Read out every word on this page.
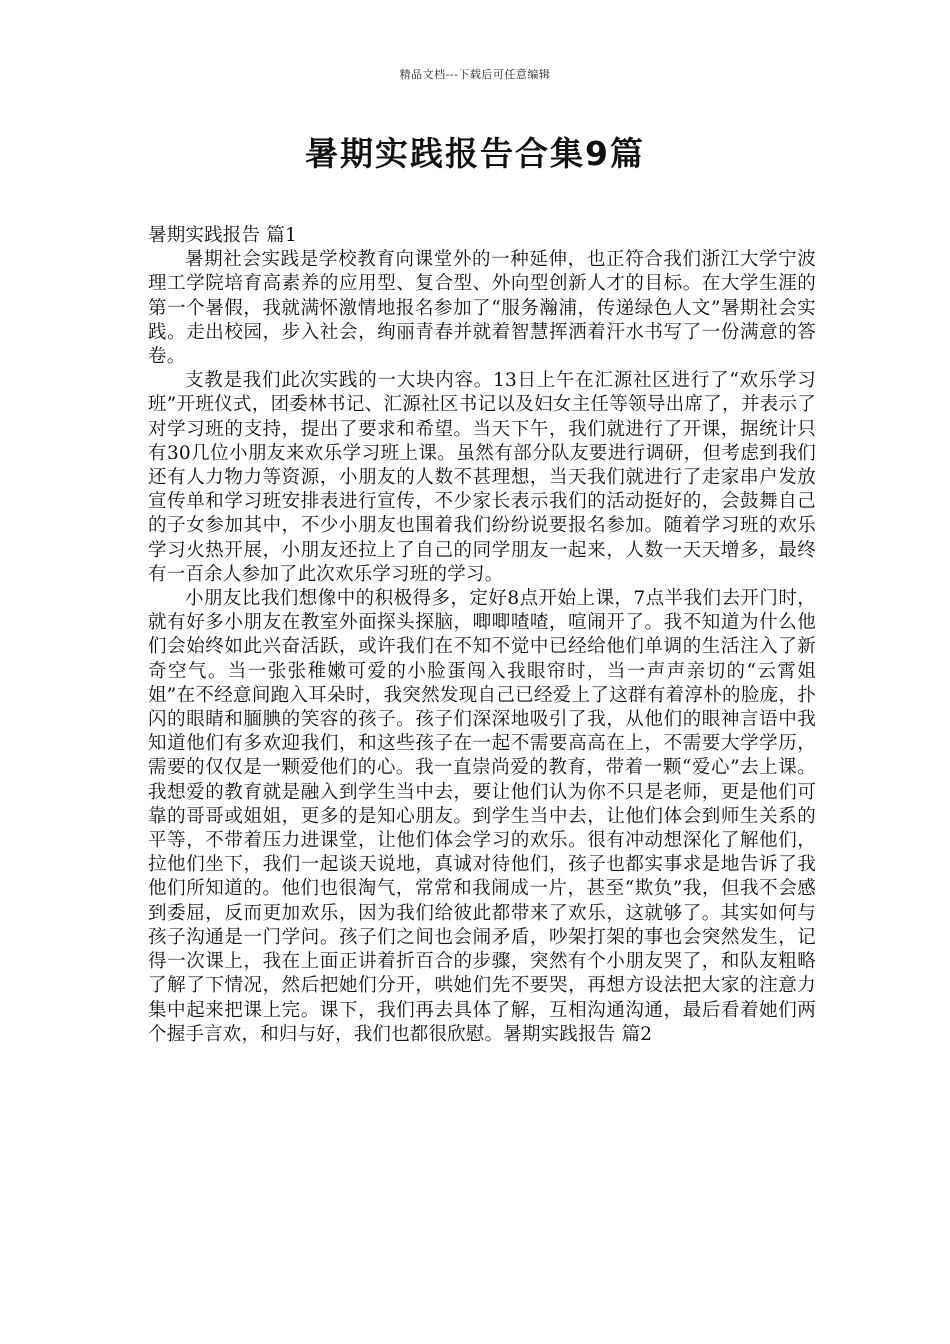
精品文档---下载后可任意编辑
暑期实践报告合集9篇

暑期实践报告 篇1

暑期社会实践是学校教育向课堂外的一种延伸，也正符合我们浙江大学宁波理工学院培育高素养的应用型、复合型、外向型创新人才的目标。在大学生涯的第一个暑假，我就满怀激情地报名参加了“服务瀚浦，传递绿色人文”暑期社会实践。走出校园，步入社会，绚丽青春并就着智慧挥洒着汗水书写了一份满意的答卷。

支教是我们此次实践的一大块内容。13日上午在汇源社区进行了“欢乐学习班”开班仪式，团委林书记、汇源社区书记以及妇女主任等领导出席了，并表示了对学习班的支持，提出了要求和希望。当天下午，我们就进行了开课，据统计只有30几位小朋友来欢乐学习班上课。虽然有部分队友要进行调研，但考虑到我们还有人力物力等资源，小朋友的人数不甚理想，当天我们就进行了走家串户发放宣传单和学习班安排表进行宣传，不少家长表示我们的活动挺好的，会鼓舞自己的子女参加其中，不少小朋友也围着我们纷纷说要报名参加。随着学习班的欢乐学习火热开展，小朋友还拉上了自己的同学朋友一起来，人数一天天增多，最终有一百余人参加了此次欢乐学习班的学习。

小朋友比我们想像中的积极得多，定好8点开始上课，7点半我们去开门时，就有好多小朋友在教室外面探头探脑，唧唧喳喳，喧闹开了。我不知道为什么他们会始终如此兴奋活跃，或许我们在不知不觉中已经给他们单调的生活注入了新奇空气。当一张张稚嫩可爱的小脸蛋闯入我眼帘时，当一声声亲切的“云霄姐姐”在不经意间跑入耳朵时，我突然发现自己已经爱上了这群有着淳朴的脸庞，扑闪的眼睛和腼腆的笑容的孩子。孩子们深深地吸引了我，从他们的眼神言语中我知道他们有多欢迎我们，和这些孩子在一起不需要高高在上，不需要大学学历，需要的仅仅是一颗爱他们的心。我一直崇尚爱的教育，带着一颗“爱心”去上课。我想爱的教育就是融入到学生当中去，要让他们认为你不只是老师，更是他们可靠的哥哥或姐姐，更多的是知心朋友。到学生当中去，让他们体会到师生关系的平等，不带着压力进课堂，让他们体会学习的欢乐。很有冲动想深化了解他们，拉他们坐下，我们一起谈天说地，真诚对待他们，孩子也都实事求是地告诉了我他们所知道的。他们也很淘气，常常和我闹成一片，甚至“欺负”我，但我不会感到委屈，反而更加欢乐，因为我们给彼此都带来了欢乐，这就够了。其实如何与孩子沟通是一门学问。孩子们之间也会闹矛盾，吵架打架的事也会突然发生，记得一次课上，我在上面正讲着折百合的步骤，突然有个小朋友哭了，和队友粗略了解了下情况，然后把她们分开，哄她们先不要哭，再想方设法把大家的注意力集中起来把课上完。课下，我们再去具体了解，互相沟通沟通，最后看着她们两个握手言欢，和归与好，我们也都很欣慰。暑期实践报告 篇2
